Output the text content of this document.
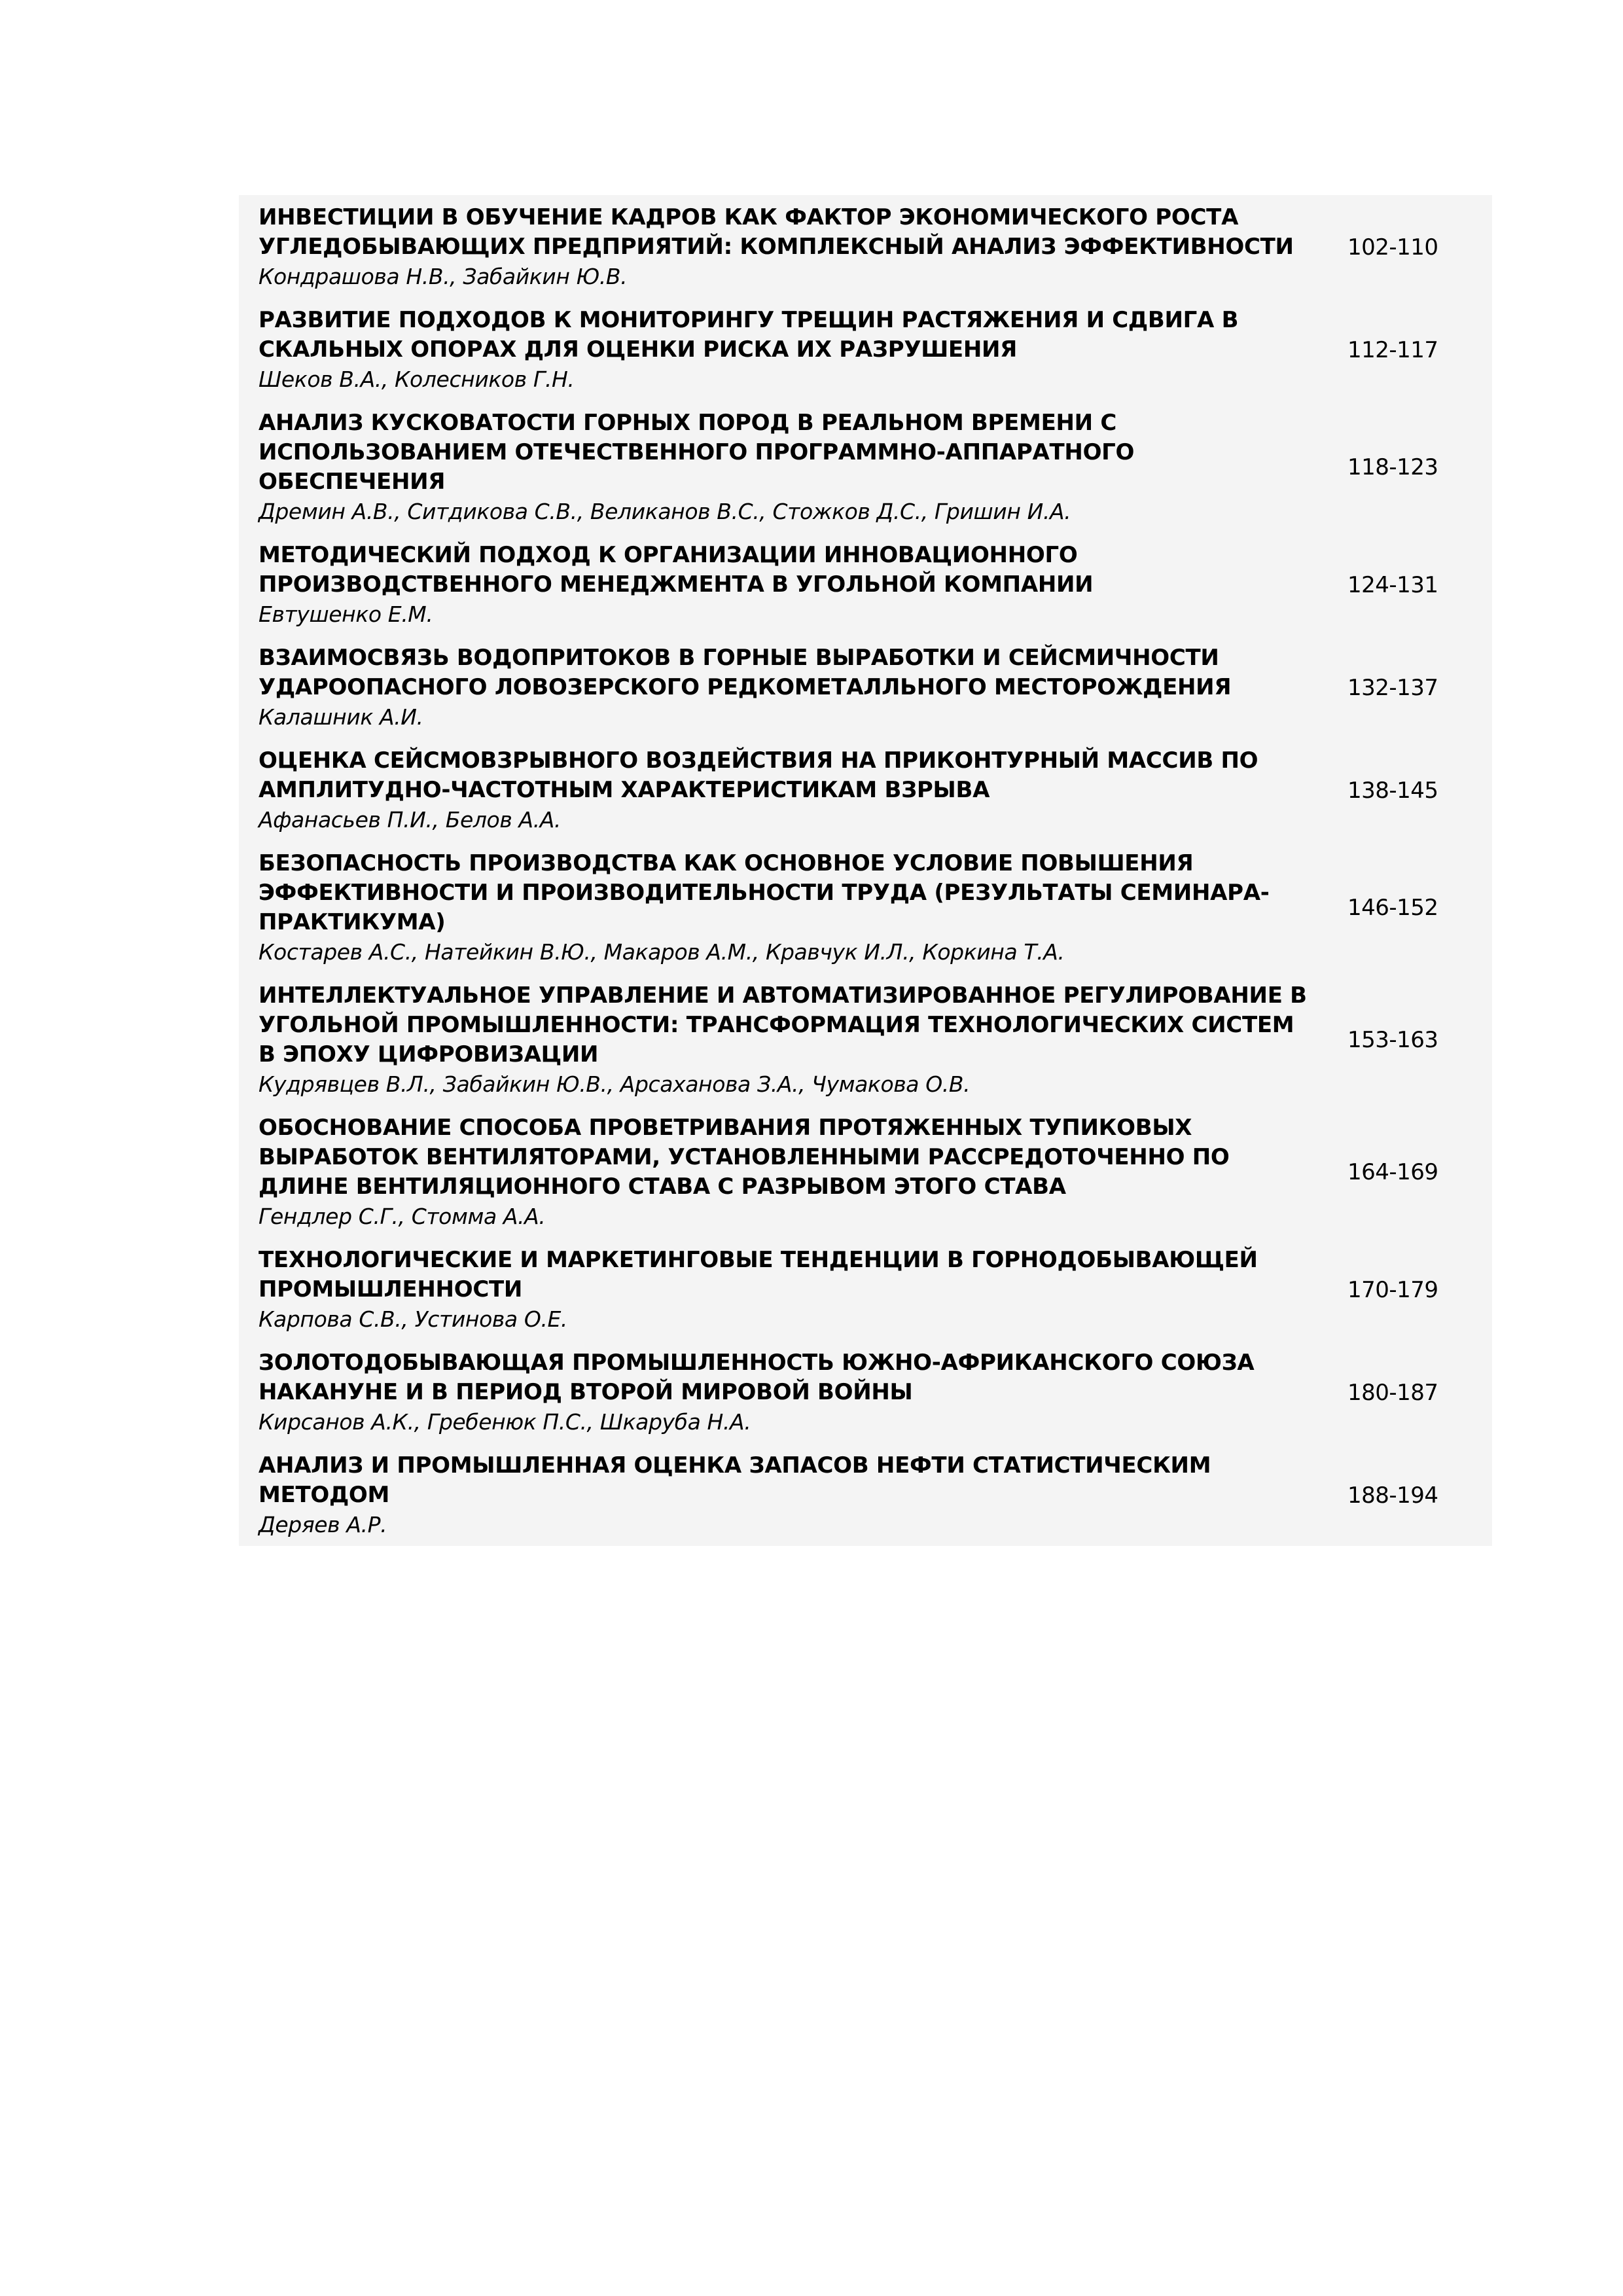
ИНВЕСТИЦИИ В ОБУЧЕНИЕ КАДРОВ КАК ФАКТОР ЭКОНОМИЧЕСКОГО РОСТА
УГЛЕДОБЫВАЮЩИХ ПРЕДПРИЯТИЙ: КОМПЛЕКСНЫЙ АНАЛИЗ ЭФФЕКТИВНОСТИ
Кондрашова Н.В., Забайкин Ю.В.
102-110
РАЗВИТИЕ ПОДХОДОВ К МОНИТОРИНГУ ТРЕЩИН РАСТЯЖЕНИЯ И СДВИГА В
СКАЛЬНЫХ ОПОРАХ ДЛЯ ОЦЕНКИ РИСКА ИХ РАЗРУШЕНИЯ
Шеков В.А., Колесников Г.Н.
112-117
АНАЛИЗ КУСКОВАТОСТИ ГОРНЫХ ПОРОД В РЕАЛЬНОМ ВРЕМЕНИ С
ИСПОЛЬЗОВАНИЕМ ОТЕЧЕСТВЕННОГО ПРОГРАММНО-АППАРАТНОГО
ОБЕСПЕЧЕНИЯ
Дремин А.В., Ситдикова С.В., Великанов В.С., Стожков Д.С., Гришин И.А.
118-123
МЕТОДИЧЕСКИЙ ПОДХОД К ОРГАНИЗАЦИИ ИННОВАЦИОННОГО
ПРОИЗВОДСТВЕННОГО МЕНЕДЖМЕНТА В УГОЛЬНОЙ КОМПАНИИ
Евтушенко Е.М.
124-131
ВЗАИМОСВЯЗЬ ВОДОПРИТОКОВ В ГОРНЫЕ ВЫРАБОТКИ И СЕЙСМИЧНОСТИ
УДАРООПАСНОГО ЛОВОЗЕРСКОГО РЕДКОМЕТАЛЛЬНОГО МЕСТОРОЖДЕНИЯ
Калашник А.И.
132-137
ОЦЕНКА СЕЙСМОВЗРЫВНОГО ВОЗДЕЙСТВИЯ НА ПРИКОНТУРНЫЙ МАССИВ ПО
АМПЛИТУДНО-ЧАСТОТНЫМ ХАРАКТЕРИСТИКАМ ВЗРЫВА
Афанасьев П.И., Белов А.А.
138-145
БЕЗОПАСНОСТЬ ПРОИЗВОДСТВА КАК ОСНОВНОЕ УСЛОВИЕ ПОВЫШЕНИЯ
ЭФФЕКТИВНОСТИ И ПРОИЗВОДИТЕЛЬНОСТИ ТРУДА (РЕЗУЛЬТАТЫ СЕМИНАРА-
ПРАКТИКУМА)
Костарев А.С., Натейкин В.Ю., Макаров А.М., Кравчук И.Л., Коркина Т.А.
146-152
ИНТЕЛЛЕКТУАЛЬНОЕ УПРАВЛЕНИЕ И АВТОМАТИЗИРОВАННОЕ РЕГУЛИРОВАНИЕ В
УГОЛЬНОЙ ПРОМЫШЛЕННОСТИ: ТРАНСФОРМАЦИЯ ТЕХНОЛОГИЧЕСКИХ СИСТЕМ
В ЭПОХУ ЦИФРОВИЗАЦИИ
Кудрявцев В.Л., Забайкин Ю.В., Арсаханова З.А., Чумакова О.В.
153-163
ОБОСНОВАНИЕ СПОСОБА ПРОВЕТРИВАНИЯ ПРОТЯЖЕННЫХ ТУПИКОВЫХ
ВЫРАБОТОК ВЕНТИЛЯТОРАМИ, УСТАНОВЛЕННЫМИ РАССРЕДОТОЧЕННО ПО
ДЛИНЕ ВЕНТИЛЯЦИОННОГО СТАВА С РАЗРЫВОМ ЭТОГО СТАВА
Гендлер С.Г., Стомма А.А.
164-169
ТЕХНОЛОГИЧЕСКИЕ И МАРКЕТИНГОВЫЕ ТЕНДЕНЦИИ В ГОРНОДОБЫВАЮЩЕЙ
ПРОМЫШЛЕННОСТИ
Карпова С.В., Устинова О.Е.
170-179
ЗОЛОТОДОБЫВАЮЩАЯ ПРОМЫШЛЕННОСТЬ ЮЖНО-АФРИКАНСКОГО СОЮЗА
НАКАНУНЕ И В ПЕРИОД ВТОРОЙ МИРОВОЙ ВОЙНЫ
Кирсанов А.К., Гребенюк П.С., Шкаруба Н.А.
180-187
АНАЛИЗ И ПРОМЫШЛЕННАЯ ОЦЕНКА ЗАПАСОВ НЕФТИ СТАТИСТИЧЕСКИМ
МЕТОДОМ
Деряев А.Р.
188-194
